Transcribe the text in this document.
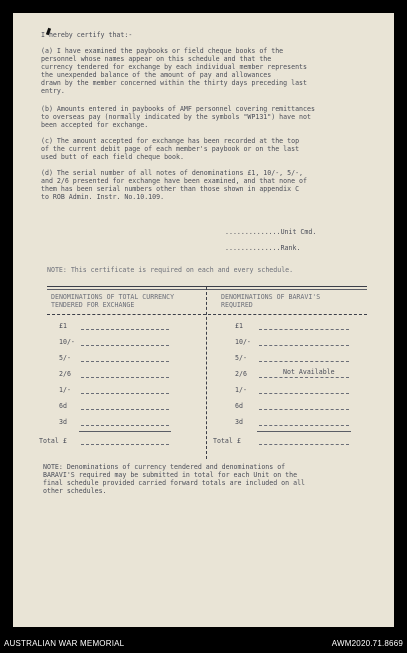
I hereby certify that:-
(a) I have examined the paybooks or field cheque books of the
personnel whose names appear on this schedule and that the
currency tendered for exchange by each individual member represents
the unexpended balance of the amount of pay and allowances
drawn by the member concerned within the thirty days preceding last
entry.
(b) Amounts entered in paybooks of AMF personnel covering remittances
to overseas pay (normally indicated by the symbols "WP131") have not
been accepted for exchange.
(c) The amount accepted for exchange has been recorded at the top
of the current debit page of each member's paybook or on the last
used butt of each field cheque book.
(d) The serial number of all notes of denominations £1, 10/-, 5/-,
and 2/6 presented for exchange have been examined, and that none of
them has been serial numbers other than those shown in appendix C
to ROB Admin. Instr. No.10.109.
..............Unit Cmd.
..............Rank.
NOTE: This certificate is required on each and every schedule.
DENOMINATIONS OF TOTAL CURRENCY
TENDERED FOR EXCHANGE
DENOMINATIONS OF BARAVI'S
REQUIRED
£1
10/-
5/-
2/6
1/-
6d
3d
Total £
£1
10/-
5/-
2/6	Not Available
1/-
6d
3d
Total £
NOTE: Denominations of currency tendered and denominations of
BARAVI'S required may be submitted in total for each Unit on the
final schedule provided carried forward totals are included on all
other schedules.
AUSTRALIAN WAR MEMORIAL	AWM2020.71.8669
